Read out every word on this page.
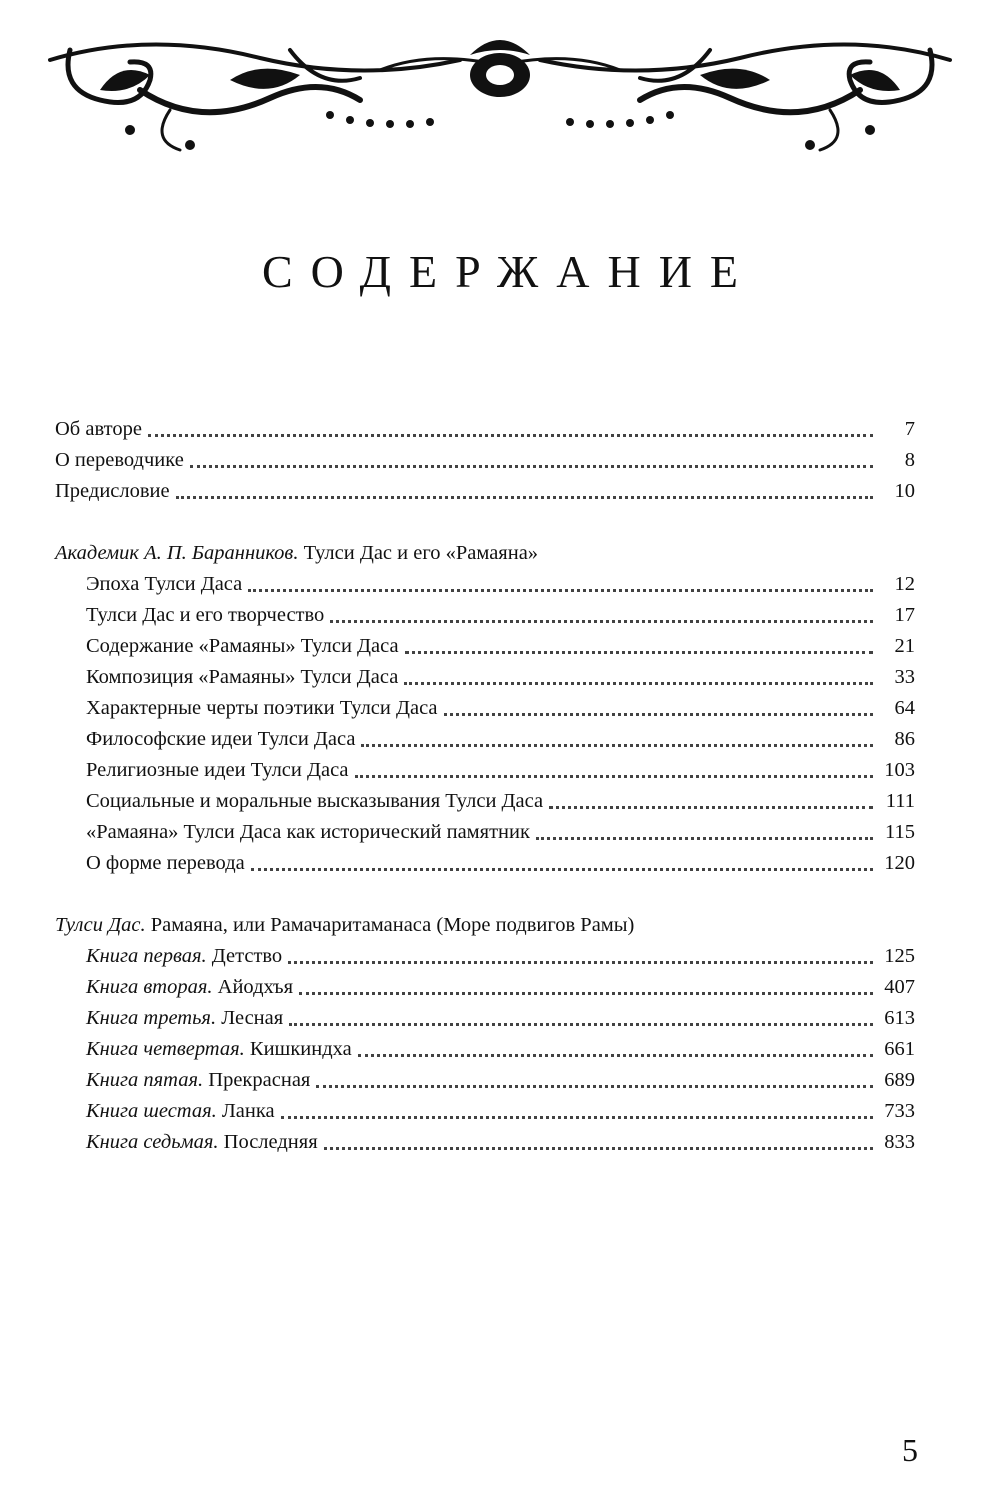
СОДЕРЖАНИЕ
Об авторе	7
О переводчике	8
Предисловие	10
Академик А. П. Баранников. Тулси Дас и его «Рамаяна»
Эпоха Тулси Даса	12
Тулси Дас и его творчество	17
Содержание «Рамаяны» Тулси Даса	21
Композиция «Рамаяны» Тулси Даса	33
Характерные черты поэтики Тулси Даса	64
Философские идеи Тулси Даса	86
Религиозные идеи Тулси Даса	103
Социальные и моральные высказывания Тулси Даса	111
«Рамаяна» Тулси Даса как исторический памятник	115
О форме перевода	120
Тулси Дас. Рамаяна, или Рамачаритаманаса (Море подвигов Рамы)
Книга первая. Детство	125
Книга вторая. Айодхъя	407
Книга третья. Лесная	613
Книга четвертая. Кишкиндха	661
Книга пятая. Прекрасная	689
Книга шестая. Ланка	733
Книга седьмая. Последняя	833
5
